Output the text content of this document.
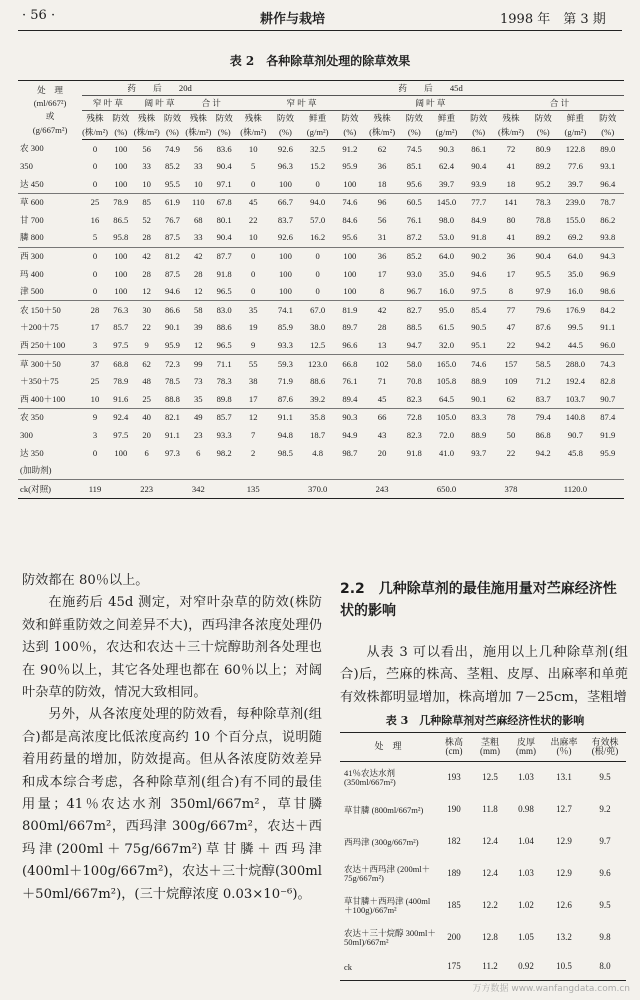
· 56 ·	耕作与栽培	1998 年　第 3 期
表 2　各种除草剂处理的除草效果
处　理
(ml/667²)
或
(g/667m²)	药　　后　　20d						药　　后　　45d											
	窄 叶 草		阔 叶 草		合 计		窄 叶 草				阔 叶 草				合 计			
	残株	防效	残株	防效	残株	防效	残株	防效	鲜重	防效	残株	防效	鲜重	防效	残株	防效	鲜重	防效
	(株/m²)	(%)	(株/m²)	(%)	(株/m²)	(%)	(株/m²)	(%)	(g/m²)	(%)	(株/m²)	(%)	(g/m²)	(%)	(株/m²)	(%)	(g/m²)	(%)
农 300	0	100	56	74.9	56	83.6	10	92.6	32.5	91.2	62	74.5	90.3	86.1	72	80.9	122.8	89.0
350	0	100	33	85.2	33	90.4	5	96.3	15.2	95.9	36	85.1	62.4	90.4	41	89.2	77.6	93.1
达 450	0	100	10	95.5	10	97.1	0	100	0	100	18	95.6	39.7	93.9	18	95.2	39.7	96.4
草 600	25	78.9	85	61.9	110	67.8	45	66.7	94.0	74.6	96	60.5	145.0	77.7	141	78.3	239.0	78.7
甘 700	16	86.5	52	76.7	68	80.1	22	83.7	57.0	84.6	56	76.1	98.0	84.9	80	78.8	155.0	86.2
膦 800	5	95.8	28	87.5	33	90.4	10	92.6	16.2	95.6	31	87.2	53.0	91.8	41	89.2	69.2	93.8
西 300	0	100	42	81.2	42	87.7	0	100	0	100	36	85.2	64.0	90.2	36	90.4	64.0	94.3
玛 400	0	100	28	87.5	28	91.8	0	100	0	100	17	93.0	35.0	94.6	17	95.5	35.0	96.9
津 500	0	100	12	94.6	12	96.5	0	100	0	100	8	96.7	16.0	97.5	8	97.9	16.0	98.6
农 150＋50	28	76.3	30	86.6	58	83.0	35	74.1	67.0	81.9	42	82.7	95.0	85.4	77	79.6	176.9	84.2
＋200＋75	17	85.7	22	90.1	39	88.6	19	85.9	38.0	89.7	28	88.5	61.5	90.5	47	87.6	99.5	91.1
西 250＋100	3	97.5	9	95.9	12	96.5	9	93.3	12.5	96.6	13	94.7	32.0	95.1	22	94.2	44.5	96.0
草 300＋50	37	68.8	62	72.3	99	71.1	55	59.3	123.0	66.8	102	58.0	165.0	74.6	157	58.5	288.0	74.3
＋350＋75	25	78.9	48	78.5	73	78.3	38	71.9	88.6	76.1	71	70.8	105.8	88.9	109	71.2	192.4	82.8
西 400＋100	10	91.6	25	88.8	35	89.8	17	87.6	39.2	89.4	45	82.3	64.5	90.1	62	83.7	103.7	90.7
农 350	9	92.4	40	82.1	49	85.7	12	91.1	35.8	90.3	66	72.8	105.0	83.3	78	79.4	140.8	87.4
300	3	97.5	20	91.1	23	93.3	7	94.8	18.7	94.9	43	82.3	72.0	88.9	50	86.8	90.7	91.9
达 350	0	100	6	97.3	6	98.2	2	98.5	4.8	98.7	20	91.8	41.0	93.7	22	94.2	45.8	95.9
(加助剂)																		
ck(对照)	119		223		342		135		370.0		243		650.0		378		1120.0	

防效都在 80％以上。

在施药后 45d 测定，对窄叶杂草的防效(株防效和鲜重防效之间差异不大)，西玛津各浓度处理仍达到 100％，农达和农达＋三十烷醇助剂各处理也在 90％以上，其它各处理也都在 60％以上；对阔叶杂草的防效，情况大致相同。

另外，从各浓度处理的防效看，每种除草剂(组合)都是高浓度比低浓度高约 10 个百分点，说明随着用药量的增加，防效提高。但从各浓度防效差异和成本综合考虑，各种除草剂(组合)有不同的最佳用量；41％农达水剂 350ml/667m²，草甘膦 800ml/667m²，西玛津 300g/667m²，农达＋西玛津(200ml＋75g/667m²)草甘膦＋西玛津(400ml＋100g/667m²)，农达＋三十烷醇(300ml＋50ml/667m²)，(三十烷醇浓度 0.03×10⁻⁶)。

2.2　几种除草剂的最佳施用量对苎麻经济性状的影响

从表 3 可以看出，施用以上几种除草剂(组合)后，苎麻的株高、茎粗、皮厚、出麻率和单蔸有效株都明显增加，株高增加 7－25cm，茎粗增

表 3　几种除草剂对苎麻经济性状的影响
处　理	株高 (cm)	茎粗 (mm)	皮厚 (mm)	出麻率 (％)	有效株 (根/蔸)
41％农达水剂 (350ml/667m²)	193	12.5	1.03	13.1	9.5
草甘膦 (800ml/667m²)	190	11.8	0.98	12.7	9.2
西玛津 (300g/667m²)	182	12.4	1.04	12.9	9.7
农达＋西玛津 (200ml＋75g/667m²)	189	12.4	1.03	12.9	9.6
草甘膦＋西玛津 (400ml＋100g)/667m²	185	12.2	1.02	12.6	9.5
农达＋三十烷醇 300ml＋50ml)/667m²	200	12.8	1.05	13.2	9.8
ck	175	11.2	0.92	10.5	8.0
万方数据 www.wanfangdata.com.cn
